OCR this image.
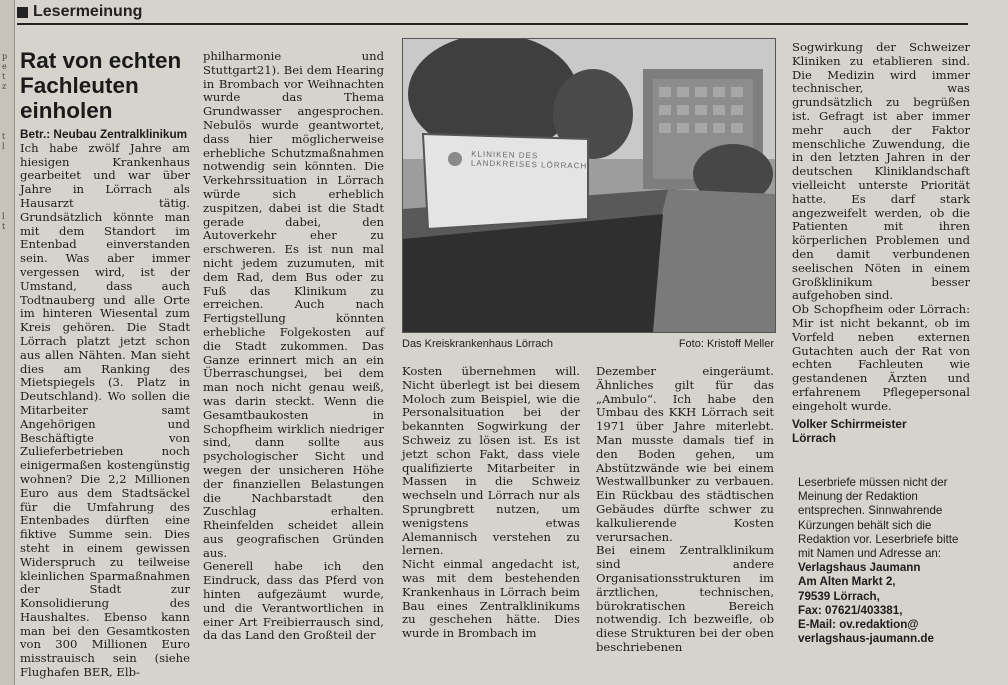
p
e
t
z
t
l
l
t
Lesermeinung
Rat von echten Fachleuten einholen

Betr.: Neubau Zentralklinikum

Ich habe zwölf Jahre am hiesigen Krankenhaus gearbeitet und war über Jahre in Lörrach als Hausarzt tätig. Grundsätzlich könnte man mit dem Standort im Entenbad einverstanden sein. Was aber immer vergessen wird, ist der Umstand, dass auch Todtnauberg und alle Orte im hinteren Wiesental zum Kreis gehören. Die Stadt Lörrach platzt jetzt schon aus allen Nähten. Man sieht dies am Ranking des Mietspiegels (3. Platz in Deutschland). Wo sollen die Mitarbeiter samt Angehörigen und Beschäftigte von Zulieferbetrieben noch einigermaßen kostengünstig wohnen? Die 2,2 Millionen Euro aus dem Stadtsäckel für die Umfahrung des Entenbades dürften eine fiktive Summe sein. Dies steht in einem gewissen Widerspruch zu teilweise kleinlichen Sparmaßnahmen der Stadt zur Konsolidierung des Haushaltes. Ebenso kann man bei den Gesamtkosten von 300 Millionen Euro misstrauisch sein (siehe Flughafen BER, Elb-

philharmonie und Stuttgart21). Bei dem Hearing in Brombach vor Weihnachten wurde das Thema Grundwasser angesprochen. Nebulös wurde geantwortet, dass hier möglicherweise erhebliche Schutzmaßnahmen notwendig sein könnten. Die Verkehrssituation in Lörrach würde sich erheblich zuspitzen, dabei ist die Stadt gerade dabei, den Autoverkehr eher zu erschweren. Es ist nun mal nicht jedem zuzumuten, mit dem Rad, dem Bus oder zu Fuß das Klinikum zu erreichen. Auch nach Fertigstellung könnten erhebliche Folgekosten auf die Stadt zukommen. Das Ganze erinnert mich an ein Überraschungsei, bei dem man noch nicht genau weiß, was darin steckt. Wenn die Gesamtbaukosten in Schopfheim wirklich niedriger sind, dann sollte aus psychologischer Sicht und wegen der unsicheren Höhe der finanziellen Belastungen die Nachbarstadt den Zuschlag erhalten. Rheinfelden scheidet allein aus geografischen Gründen aus.

Generell habe ich den Eindruck, dass das Pferd von hinten aufgezäumt wurde, und die Verantwortlichen in einer Art Freibierrausch sind, da das Land den Großteil der

KLINIKEN DES
LANDKREISES LÖRRACH
Das Kreiskrankenhaus Lörrach	Foto: Kristoff Meller

Kosten übernehmen will. Nicht überlegt ist bei diesem Moloch zum Beispiel, wie die Personalsituation bei der bekannten Sogwirkung der Schweiz zu lösen ist. Es ist jetzt schon Fakt, dass viele qualifizierte Mitarbeiter in Massen in die Schweiz wechseln und Lörrach nur als Sprungbrett nutzen, um wenigstens etwas Alemannisch verstehen zu lernen.

Nicht einmal angedacht ist, was mit dem bestehenden Krankenhaus in Lörrach beim Bau eines Zentralklinikums zu geschehen hätte. Dies wurde in Brombach im

Dezember eingeräumt. Ähnliches gilt für das „Ambulo“. Ich habe den Umbau des KKH Lörrach seit 1971 über Jahre miterlebt. Man musste damals tief in den Boden gehen, um Abstützwände wie bei einem Westwallbunker zu verbauen. Ein Rückbau des städtischen Gebäudes dürfte schwer zu kalkulierende Kosten verursachen.

Bei einem Zentralklinikum sind andere Organisationsstrukturen im ärztlichen, technischen, bürokratischen Bereich notwendig. Ich bezweifle, ob diese Strukturen bei der oben beschriebenen

Sogwirkung der Schweizer Kliniken zu etablieren sind. Die Medizin wird immer technischer, was grundsätzlich zu begrüßen ist. Gefragt ist aber immer mehr auch der Faktor menschliche Zuwendung, die in den letzten Jahren in der deutschen Kliniklandschaft vielleicht unterste Priorität hatte. Es darf stark angezweifelt werden, ob die Patienten mit ihren körperlichen Problemen und den damit verbundenen seelischen Nöten in einem Großklinikum besser aufgehoben sind.

Ob Schopfheim oder Lörrach: Mir ist nicht bekannt, ob im Vorfeld neben externen Gutachten auch der Rat von echten Fachleuten wie gestandenen Ärzten und erfahrenem Pflegepersonal eingeholt wurde.

Volker Schirrmeister
Lörrach
Leserbriefe müssen nicht der Meinung der Redaktion entsprechen. Sinnwahrende Kürzungen behält sich die Redaktion vor. Leserbriefe bitte mit Namen und Adresse an:
Verlagshaus Jaumann
Am Alten Markt 2,
79539 Lörrach,
Fax: 07621/403381,
E-Mail: ov.redaktion@
verlagshaus-jaumann.de
